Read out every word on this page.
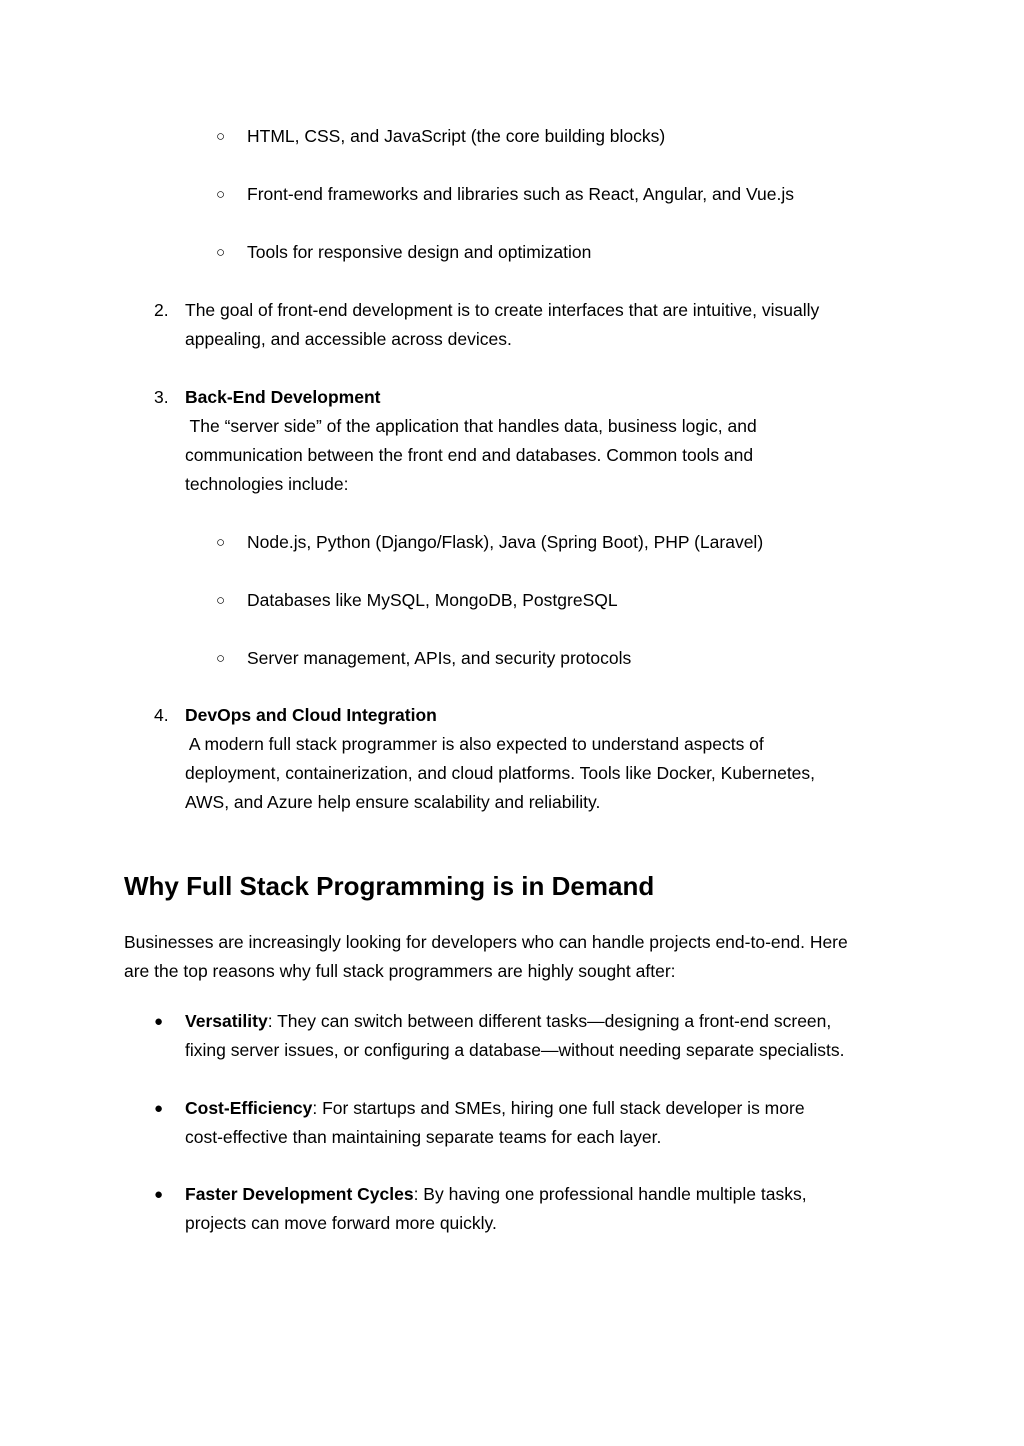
○ HTML, CSS, and JavaScript (the core building blocks)
○ Front-end frameworks and libraries such as React, Angular, and Vue.js
○ Tools for responsive design and optimization
2. The goal of front-end development is to create interfaces that are intuitive, visually
appealing, and accessible across devices.
3. Back-End Development
The “server side” of the application that handles data, business logic, and
communication between the front end and databases. Common tools and
technologies include:
○ Node.js, Python (Django/Flask), Java (Spring Boot), PHP (Laravel)
○ Databases like MySQL, MongoDB, PostgreSQL
○ Server management, APIs, and security protocols
4. DevOps and Cloud Integration
A modern full stack programmer is also expected to understand aspects of
deployment, containerization, and cloud platforms. Tools like Docker, Kubernetes,
AWS, and Azure help ensure scalability and reliability.
Why Full Stack Programming is in Demand
Businesses are increasingly looking for developers who can handle projects end-to-end. Here
are the top reasons why full stack programmers are highly sought after:
● Versatility: They can switch between different tasks—designing a front-end screen,
fixing server issues, or configuring a database—without needing separate specialists.
● Cost-Efficiency: For startups and SMEs, hiring one full stack developer is more
cost-effective than maintaining separate teams for each layer.
● Faster Development Cycles: By having one professional handle multiple tasks,
projects can move forward more quickly.
